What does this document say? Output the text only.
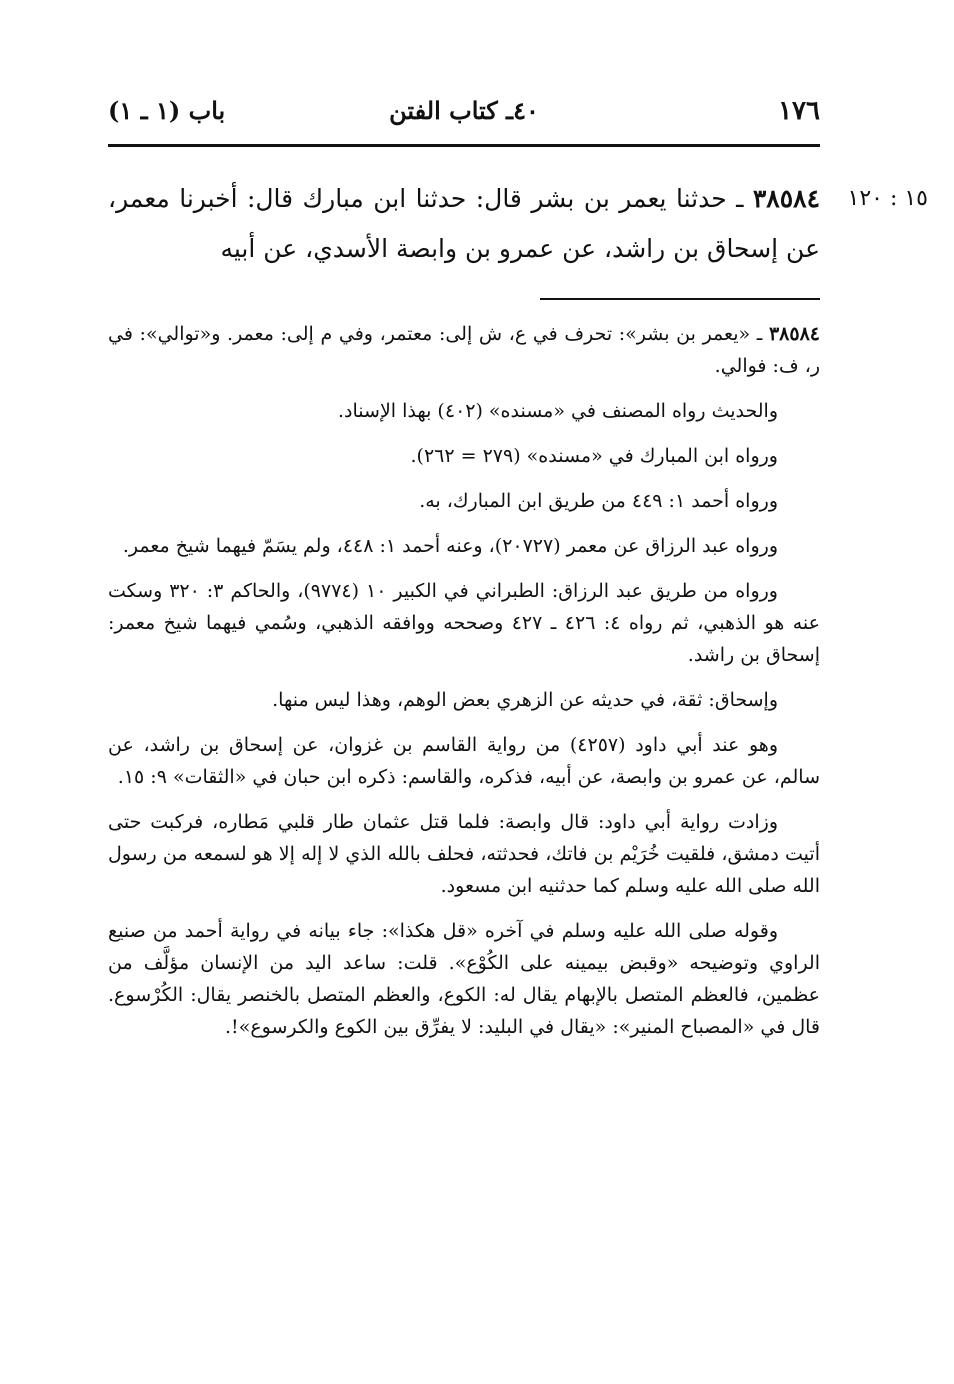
١٧٦
٤٠ـ كتاب الفتن
باب (١ ـ ١)
١٥ : ١٢٠
٣٨٥٨٤ ـ حدثنا يعمر بن بشر قال: حدثنا ابن مبارك قال: أخبرنا معمر، عن إسحاق بن راشد، عن عمرو بن وابصة الأسدي، عن أبيه

٣٨٥٨٤ ـ «يعمر بن بشر»: تحرف في ع، ش إلى: معتمر، وفي م إلى: معمر. و«توالي»: في ر، ف: فوالي.

والحديث رواه المصنف في «مسنده» (٤٠٢) بهذا الإسناد.

ورواه ابن المبارك في «مسنده» (٢٧٩ = ٢٦٢).

ورواه أحمد ١: ٤٤٩ من طريق ابن المبارك، به.

ورواه عبد الرزاق عن معمر (٢٠٧٢٧)، وعنه أحمد ١: ٤٤٨، ولم يسَمّ فيهما شيخ معمر.

ورواه من طريق عبد الرزاق: الطبراني في الكبير ١٠ (٩٧٧٤)، والحاكم ٣: ٣٢٠ وسكت عنه هو الذهبي، ثم رواه ٤: ٤٢٦ ـ ٤٢٧ وصححه ووافقه الذهبي، وسُمي فيهما شيخ معمر: إسحاق بن راشد.

وإسحاق: ثقة، في حديثه عن الزهري بعض الوهم، وهذا ليس منها.

وهو عند أبي داود (٤٢٥٧) من رواية القاسم بن غزوان، عن إسحاق بن راشد، عن سالم، عن عمرو بن وابصة، عن أبيه، فذكره، والقاسم: ذكره ابن حبان في «الثقات» ٩: ١٥.

وزادت رواية أبي داود: قال وابصة: فلما قتل عثمان طار قلبي مَطاره، فركبت حتى أتيت دمشق، فلقيت خُرَيْم بن فاتك، فحدثته، فحلف بالله الذي لا إله إلا هو لسمعه من رسول الله صلى الله عليه وسلم كما حدثنيه ابن مسعود.

وقوله صلى الله عليه وسلم في آخره «قل هكذا»: جاء بيانه في رواية أحمد من صنيع الراوي وتوضيحه «وقبض بيمينه على الكُوْع». قلت: ساعد اليد من الإنسان مؤلَّف من عظمين، فالعظم المتصل بالإبهام يقال له: الكوع، والعظم المتصل بالخنصر يقال: الكُرْسوع. قال في «المصباح المنير»: «يقال في البليد: لا يفرِّق بين الكوع والكرسوع»!.
